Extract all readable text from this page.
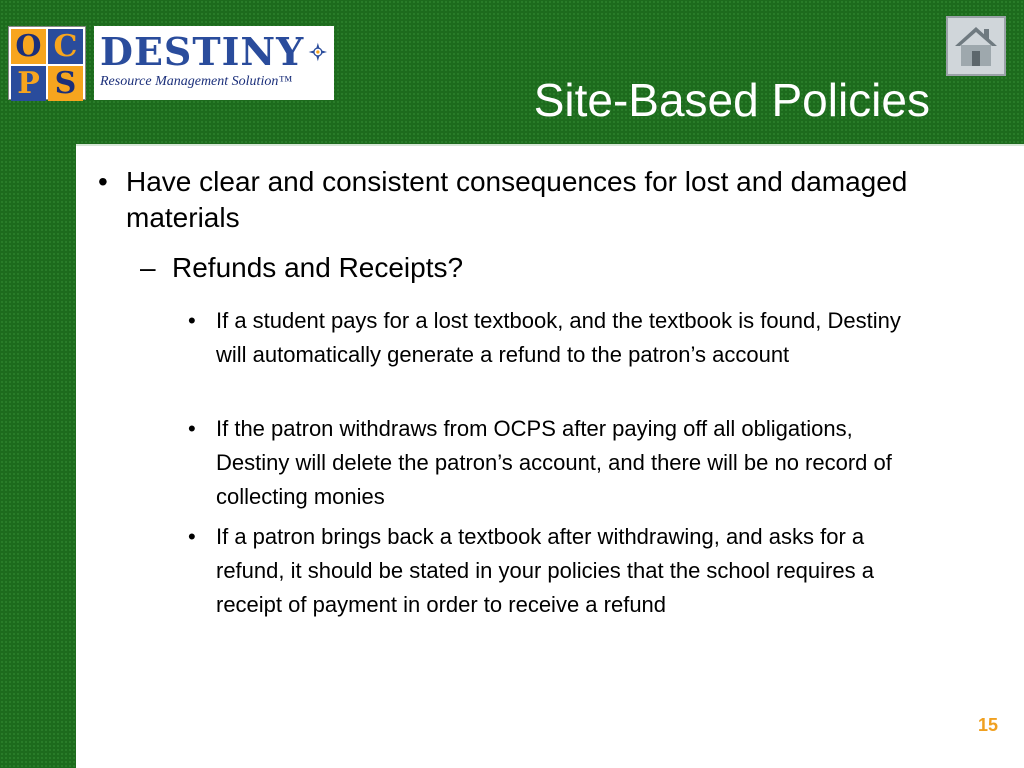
O C
P S
DESTINY
Resource Management Solution™	Site-Based Policies
• Have clear and consistent consequences for lost and damaged materials
– Refunds and Receipts?
• If a student pays for a lost textbook, and the textbook is found, Destiny will automatically generate a refund to the patron’s account
• If the patron withdraws from OCPS after paying off all obligations, Destiny will delete the patron’s account, and there will be no record of collecting monies
• If a patron brings back a textbook after withdrawing, and asks for a refund, it should be stated in your policies that the school requires a receipt of payment in order to receive a refund
15
